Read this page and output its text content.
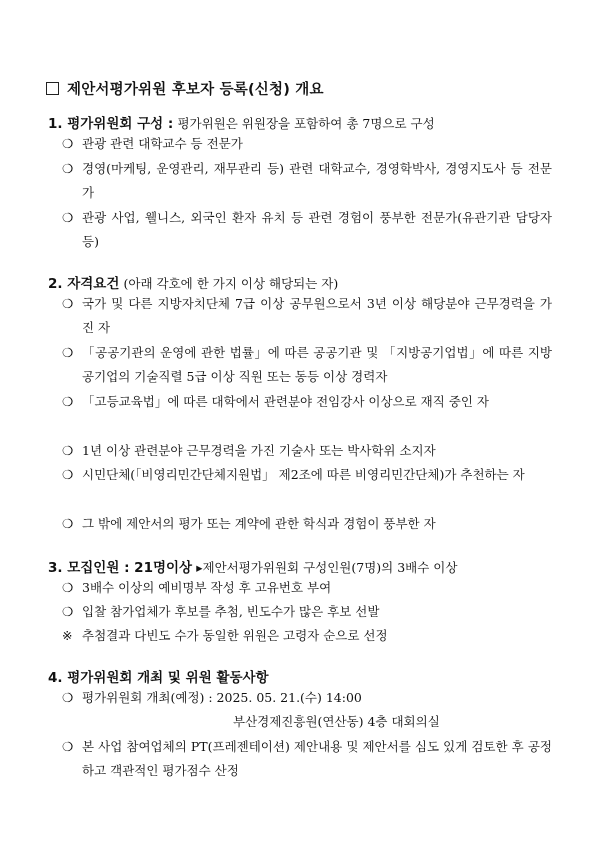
제안서평가위원 후보자 등록(신청) 개요
1. 평가위원회 구성 : 평가위원은 위원장을 포함하여 총 7명으로 구성
❍ 관광 관련 대학교수 등 전문가
❍ 경영(마케팅, 운영관리, 재무관리 등) 관련 대학교수, 경영학박사, 경영지도사 등 전문가
❍ 관광 사업, 웰니스, 외국인 환자 유치 등 관련 경험이 풍부한 전문가(유관기관 담당자 등)
2. 자격요건 (아래 각호에 한 가지 이상 해당되는 자)
❍ 국가 및 다른 지방자치단체 7급 이상 공무원으로서 3년 이상 해당분야 근무경력을 가진 자
❍ 「공공기관의 운영에 관한 법률」에 따른 공공기관 및 「지방공기업법」에 따른 지방공기업의 기술직렬 5급 이상 직원 또는 동등 이상 경력자
❍ 「고등교육법」에 따른 대학에서 관련분야 전임강사 이상으로 재직 중인 자
❍ 1년 이상 관련분야 근무경력을 가진 기술사 또는 박사학위 소지자
❍ 시민단체(「비영리민간단체지원법」 제2조에 따른 비영리민간단체)가 추천하는 자
❍ 그 밖에 제안서의 평가 또는 계약에 관한 학식과 경험이 풍부한 자
3. 모집인원 : 21명이상 ▸제안서평가위원회 구성인원(7명)의 3배수 이상
❍ 3배수 이상의 예비명부 작성 후 고유번호 부여
❍ 입찰 참가업체가 후보를 추첨, 빈도수가 많은 후보 선발
※ 추첨결과 다빈도 수가 동일한 위원은 고령자 순으로 선정
4. 평가위원회 개최 및 위원 활동사항
❍ 평가위원회 개최(예정) : 2025. 05. 21.(수) 14:00
부산경제진흥원(연산동) 4층 대회의실
❍ 본 사업 참여업체의 PT(프레젠테이션) 제안내용 및 제안서를 심도 있게 검토한 후 공정하고 객관적인 평가점수 산정
